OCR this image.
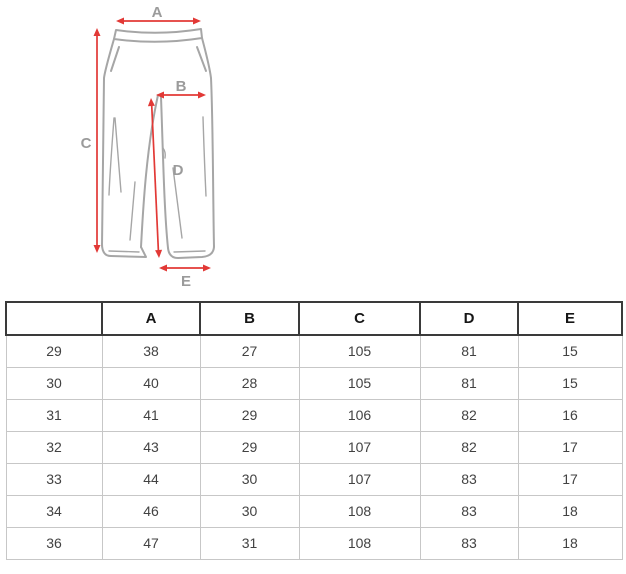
A
B
C
D
E
	A	B	C	D	E
29	38	27	105	81	15
30	40	28	105	81	15
31	41	29	106	82	16
32	43	29	107	82	17
33	44	30	107	83	17
34	46	30	108	83	18
36	47	31	108	83	18
